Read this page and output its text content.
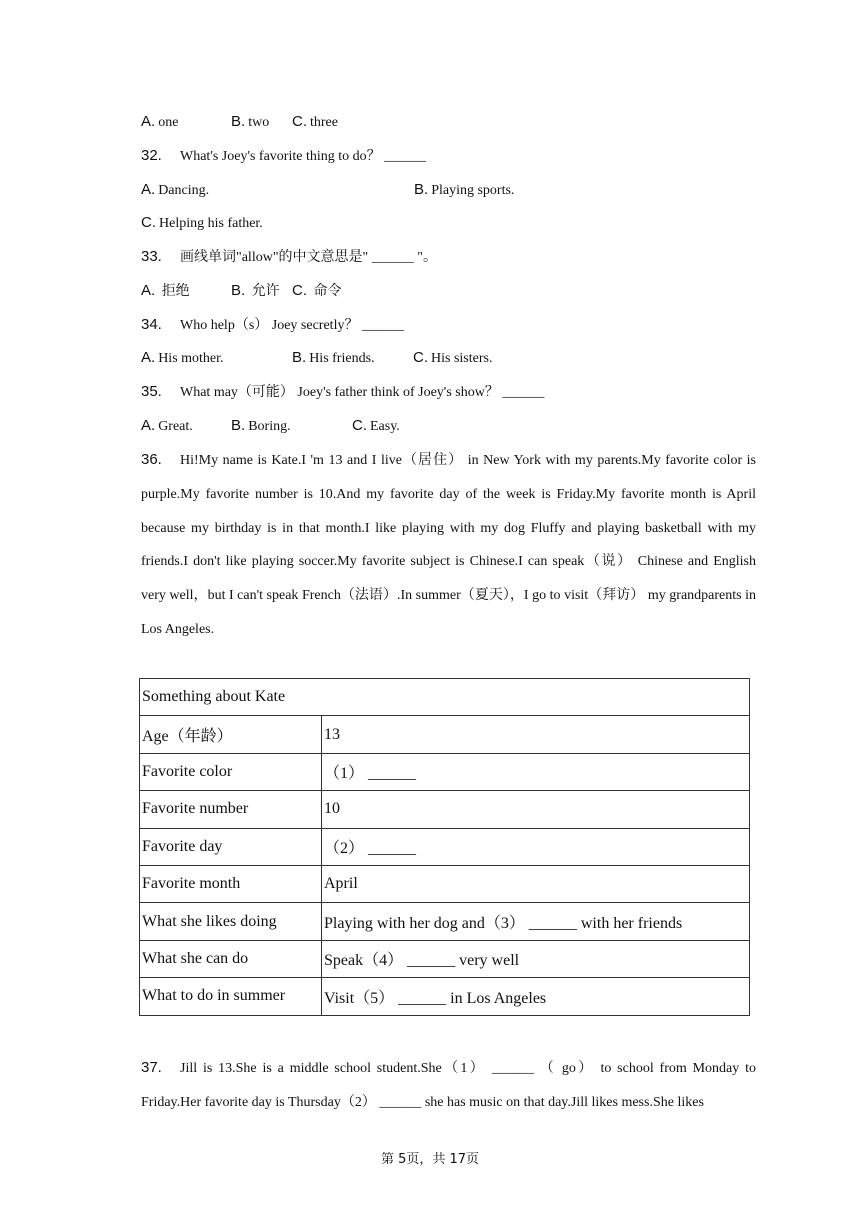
A. one	B. two C. three
32. What's Joey's favorite thing to do？ ______
A. Dancing.	B. Playing sports.
C. Helping his father.
33. 画线单词"allow"的中文意思是" ______ "。
A. 拒绝	B. 允许 C. 命令
34. Who help（s） Joey secretly？ ______
A. His mother.	B. His friends.	C. His sisters.
35. What may（可能） Joey's father think of Joey's show？ ______
A. Great.	B. Boring.	C. Easy.
36. Hi!My name is Kate.I 'm 13 and I live（居住） in New York with my parents.My favorite color is purple.My favorite number is 10.And my favorite day of the week is Friday.My favorite month is April because my birthday is in that month.I like playing with my dog Fluffy and playing basketball with my friends.I don't like playing soccer.My favorite subject is Chinese.I can speak（说） Chinese and English very well，but I can't speak French（法语）.In summer（夏天），I go to visit（拜访） my grandparents in Los Angeles.
Something about Kate	
Age（年龄）	13
Favorite color	（1） ______
Favorite number	10
Favorite day	（2） ______
Favorite month	April
What she likes doing	Playing with her dog and（3） ______ with her friends
What she can do	Speak（4） ______ very well
What to do in summer	Visit（5） ______ in Los Angeles
37. Jill is 13.She is a middle school student.She（1） ______ （ go） to school from Monday to Friday.Her favorite day is Thursday（2） ______ she has music on that day.Jill likes mess.She likes
第 5页，共 17页
